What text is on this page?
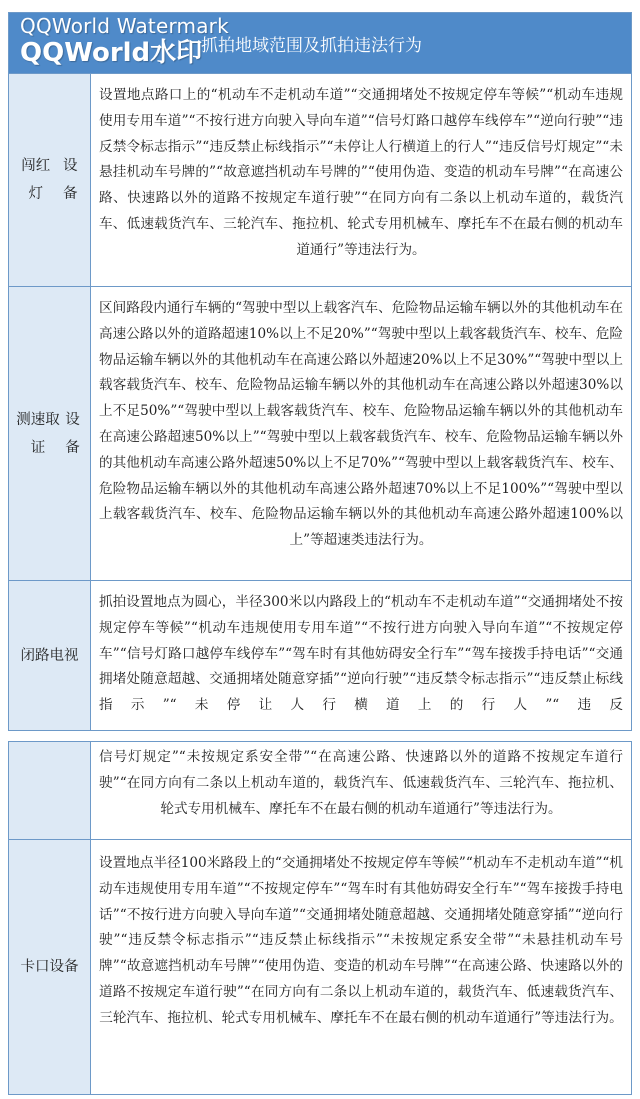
QQWorld Watermark
QQWorld水印
抓拍地域范围及抓拍违法行为
闯红灯

设备
设置地点路口上的“机动车不走机动车道”“交通拥堵处不按规定停车等候”“机动车违规使用专用车道”“不按行进方向驶入导向车道”“信号灯路口越停车线停车”“逆向行驶”“违反禁令标志指示”“违反禁止标线指示”“未停让人行横道上的行人”“违反信号灯规定”“未悬挂机动车号牌的”“故意遮挡机动车号牌的”“使用伪造、变造的机动车号牌”“在高速公路、快速路以外的道路不按规定车道行驶”“在同方向有二条以上机动车道的，载货汽车、低速载货汽车、三轮汽车、拖拉机、轮式专用机械车、摩托车不在最右侧的机动车道通行”等违法行为。
测速取证

设备
区间路段内通行车辆的“驾驶中型以上载客汽车、危险物品运输车辆以外的其他机动车在高速公路以外的道路超速10%以上不足20%”“驾驶中型以上载客载货汽车、校车、危险物品运输车辆以外的其他机动车在高速公路以外超速20%以上不足30%”“驾驶中型以上载客载货汽车、校车、危险物品运输车辆以外的其他机动车在高速公路以外超速30%以上不足50%”“驾驶中型以上载客载货汽车、校车、危险物品运输车辆以外的其他机动车在高速公路超速50%以上”“驾驶中型以上载客载货汽车、校车、危险物品运输车辆以外的其他机动车高速公路外超速50%以上不足70%”“驾驶中型以上载客载货汽车、校车、危险物品运输车辆以外的其他机动车高速公路外超速70%以上不足100%”“驾驶中型以上载客载货汽车、校车、危险物品运输车辆以外的其他机动车高速公路外超速100%以上”等超速类违法行为。
闭路电视
抓拍设置地点为圆心，半径300米以内路段上的“机动车不走机动车道”“交通拥堵处不按规定停车等候”“机动车违规使用专用车道”“不按行进方向驶入导向车道”“不按规定停车”“信号灯路口越停车线停车”“驾车时有其他妨碍安全行车”“驾车接拨手持电话”“交通拥堵处随意超越、交通拥堵处随意穿插”“逆向行驶”“违反禁令标志指示”“违反禁止标线指示”“未停让人行横道上的行人”“违反
信号灯规定”“未按规定系安全带”“在高速公路、快速路以外的道路不按规定车道行驶”“在同方向有二条以上机动车道的，载货汽车、低速载货汽车、三轮汽车、拖拉机、轮式专用机械车、摩托车不在最右侧的机动车道通行”等违法行为。
卡口设备
设置地点半径100米路段上的“交通拥堵处不按规定停车等候”“机动车不走机动车道”“机动车违规使用专用车道”“不按规定停车”“驾车时有其他妨碍安全行车”“驾车接拨手持电话”“不按行进方向驶入导向车道”“交通拥堵处随意超越、交通拥堵处随意穿插”“逆向行驶”“违反禁令标志指示”“违反禁止标线指示”“未按规定系安全带”“未悬挂机动车号牌”“故意遮挡机动车号牌”“使用伪造、变造的机动车号牌”“在高速公路、快速路以外的道路不按规定车道行驶”“在同方向有二条以上机动车道的，载货汽车、低速载货汽车、三轮汽车、拖拉机、轮式专用机械车、摩托车不在最右侧的机动车道通行”等违法行为。
